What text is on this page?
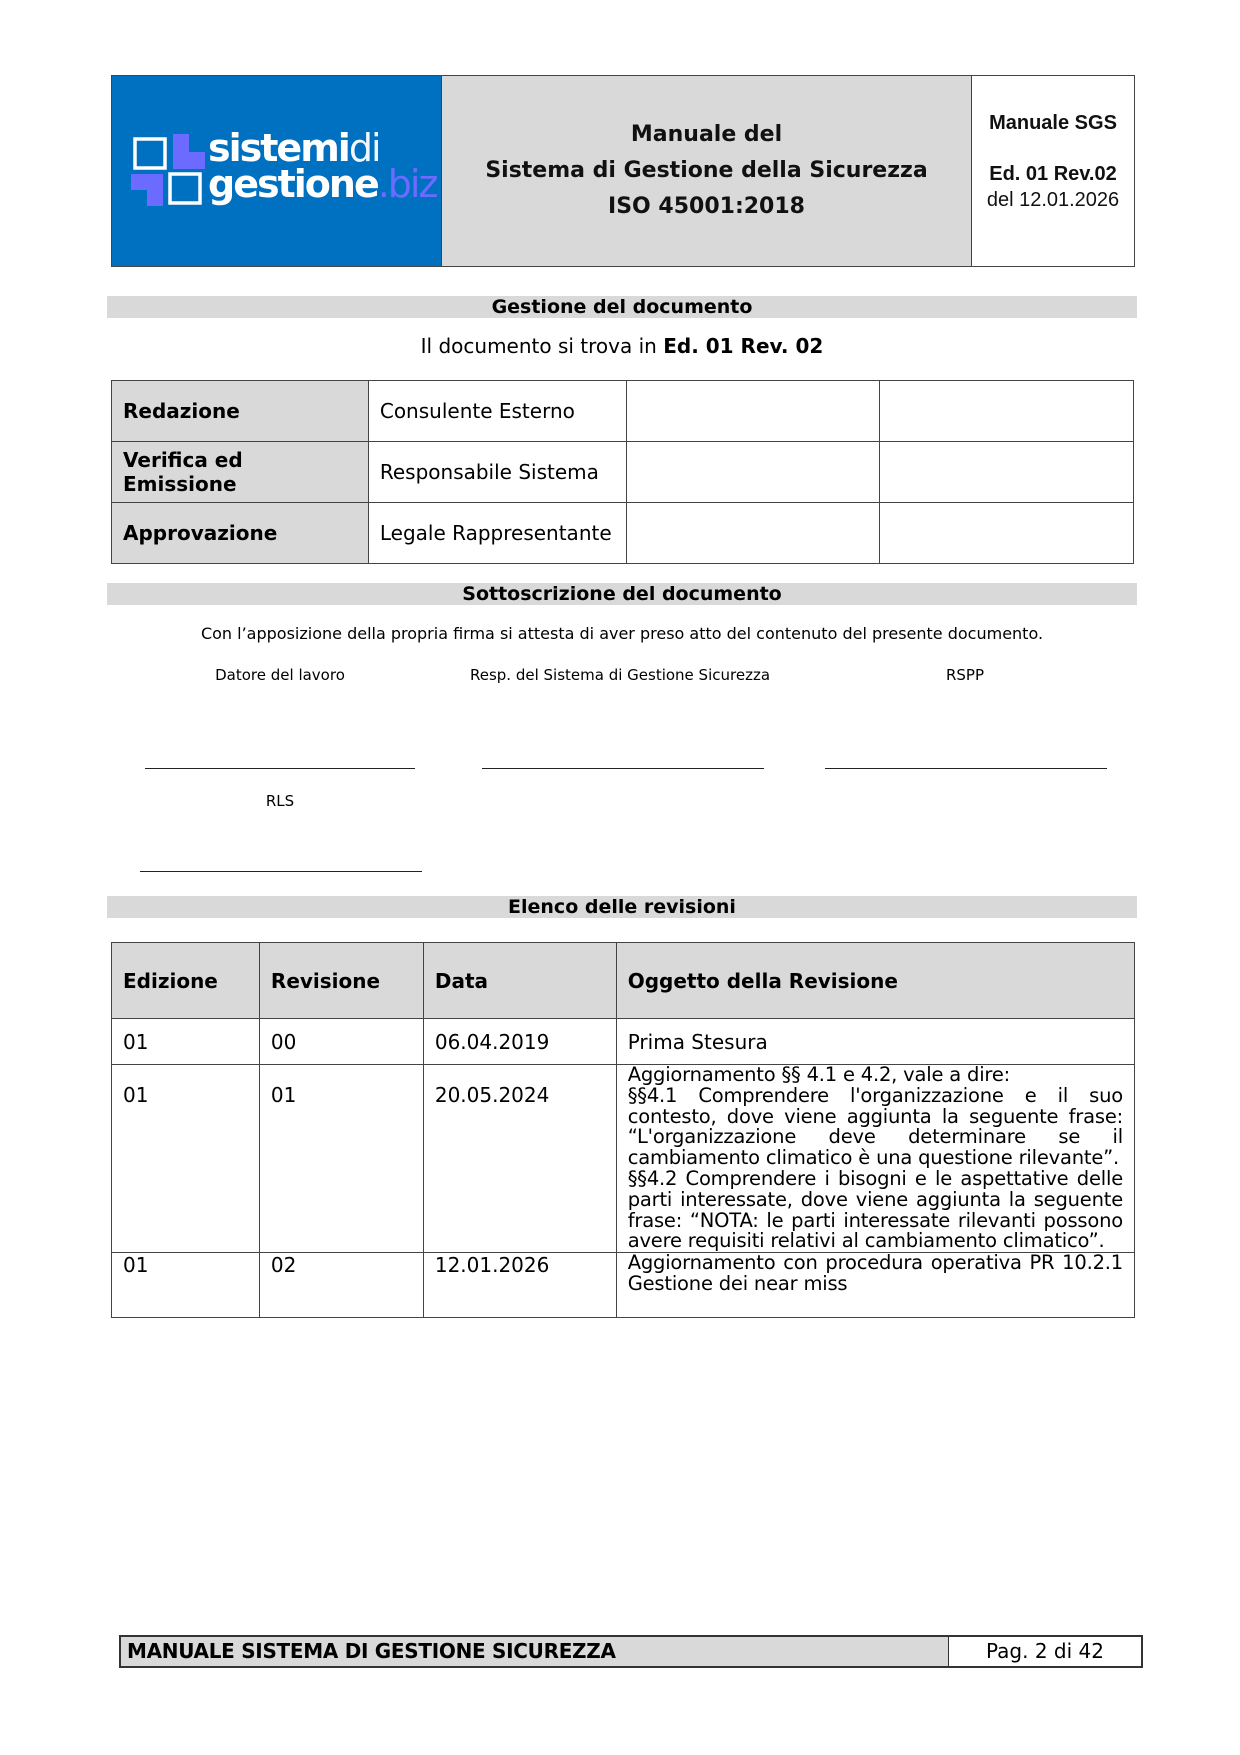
sistemidi
gestione.biz
Manuale del
Sistema di Gestione della Sicurezza
ISO 45001:2018
Manuale SGS
Ed. 01 Rev.02
del 12.01.2026
Gestione del documento
Il documento si trova in Ed. 01 Rev. 02
Redazione	Consulente Esterno		
Verifica ed Emissione	Responsabile Sistema		
Approvazione	Legale Rappresentante		
Sottoscrizione del documento
Con l’apposizione della propria firma si attesta di aver preso atto del contenuto del presente documento.
Datore del lavoro	Resp. del Sistema di Gestione Sicurezza	RSPP
RLS
Elenco delle revisioni
Edizione	Revisione	Data	Oggetto della Revisione
01	00	06.04.2019	Prima Stesura
01	01	20.05.2024	Aggiornamento §§ 4.1 e 4.2, vale a dire:
§§4.1 Comprendere l'organizzazione e il suo contesto, dove viene aggiunta la seguente frase: “L'organizzazione deve determinare se il cambiamento climatico è una questione rilevante”.
§§4.2 Comprendere i bisogni e le aspettative delle parti interessate, dove viene aggiunta la seguente frase: “NOTA: le parti interessate rilevanti possono avere requisiti relativi al cambiamento climatico”.

01	02	12.01.2026	Aggiornamento con procedura operativa PR 10.2.1 Gestione dei near miss
MANUALE SISTEMA DI GESTIONE SICUREZZA	Pag. 2 di 42
